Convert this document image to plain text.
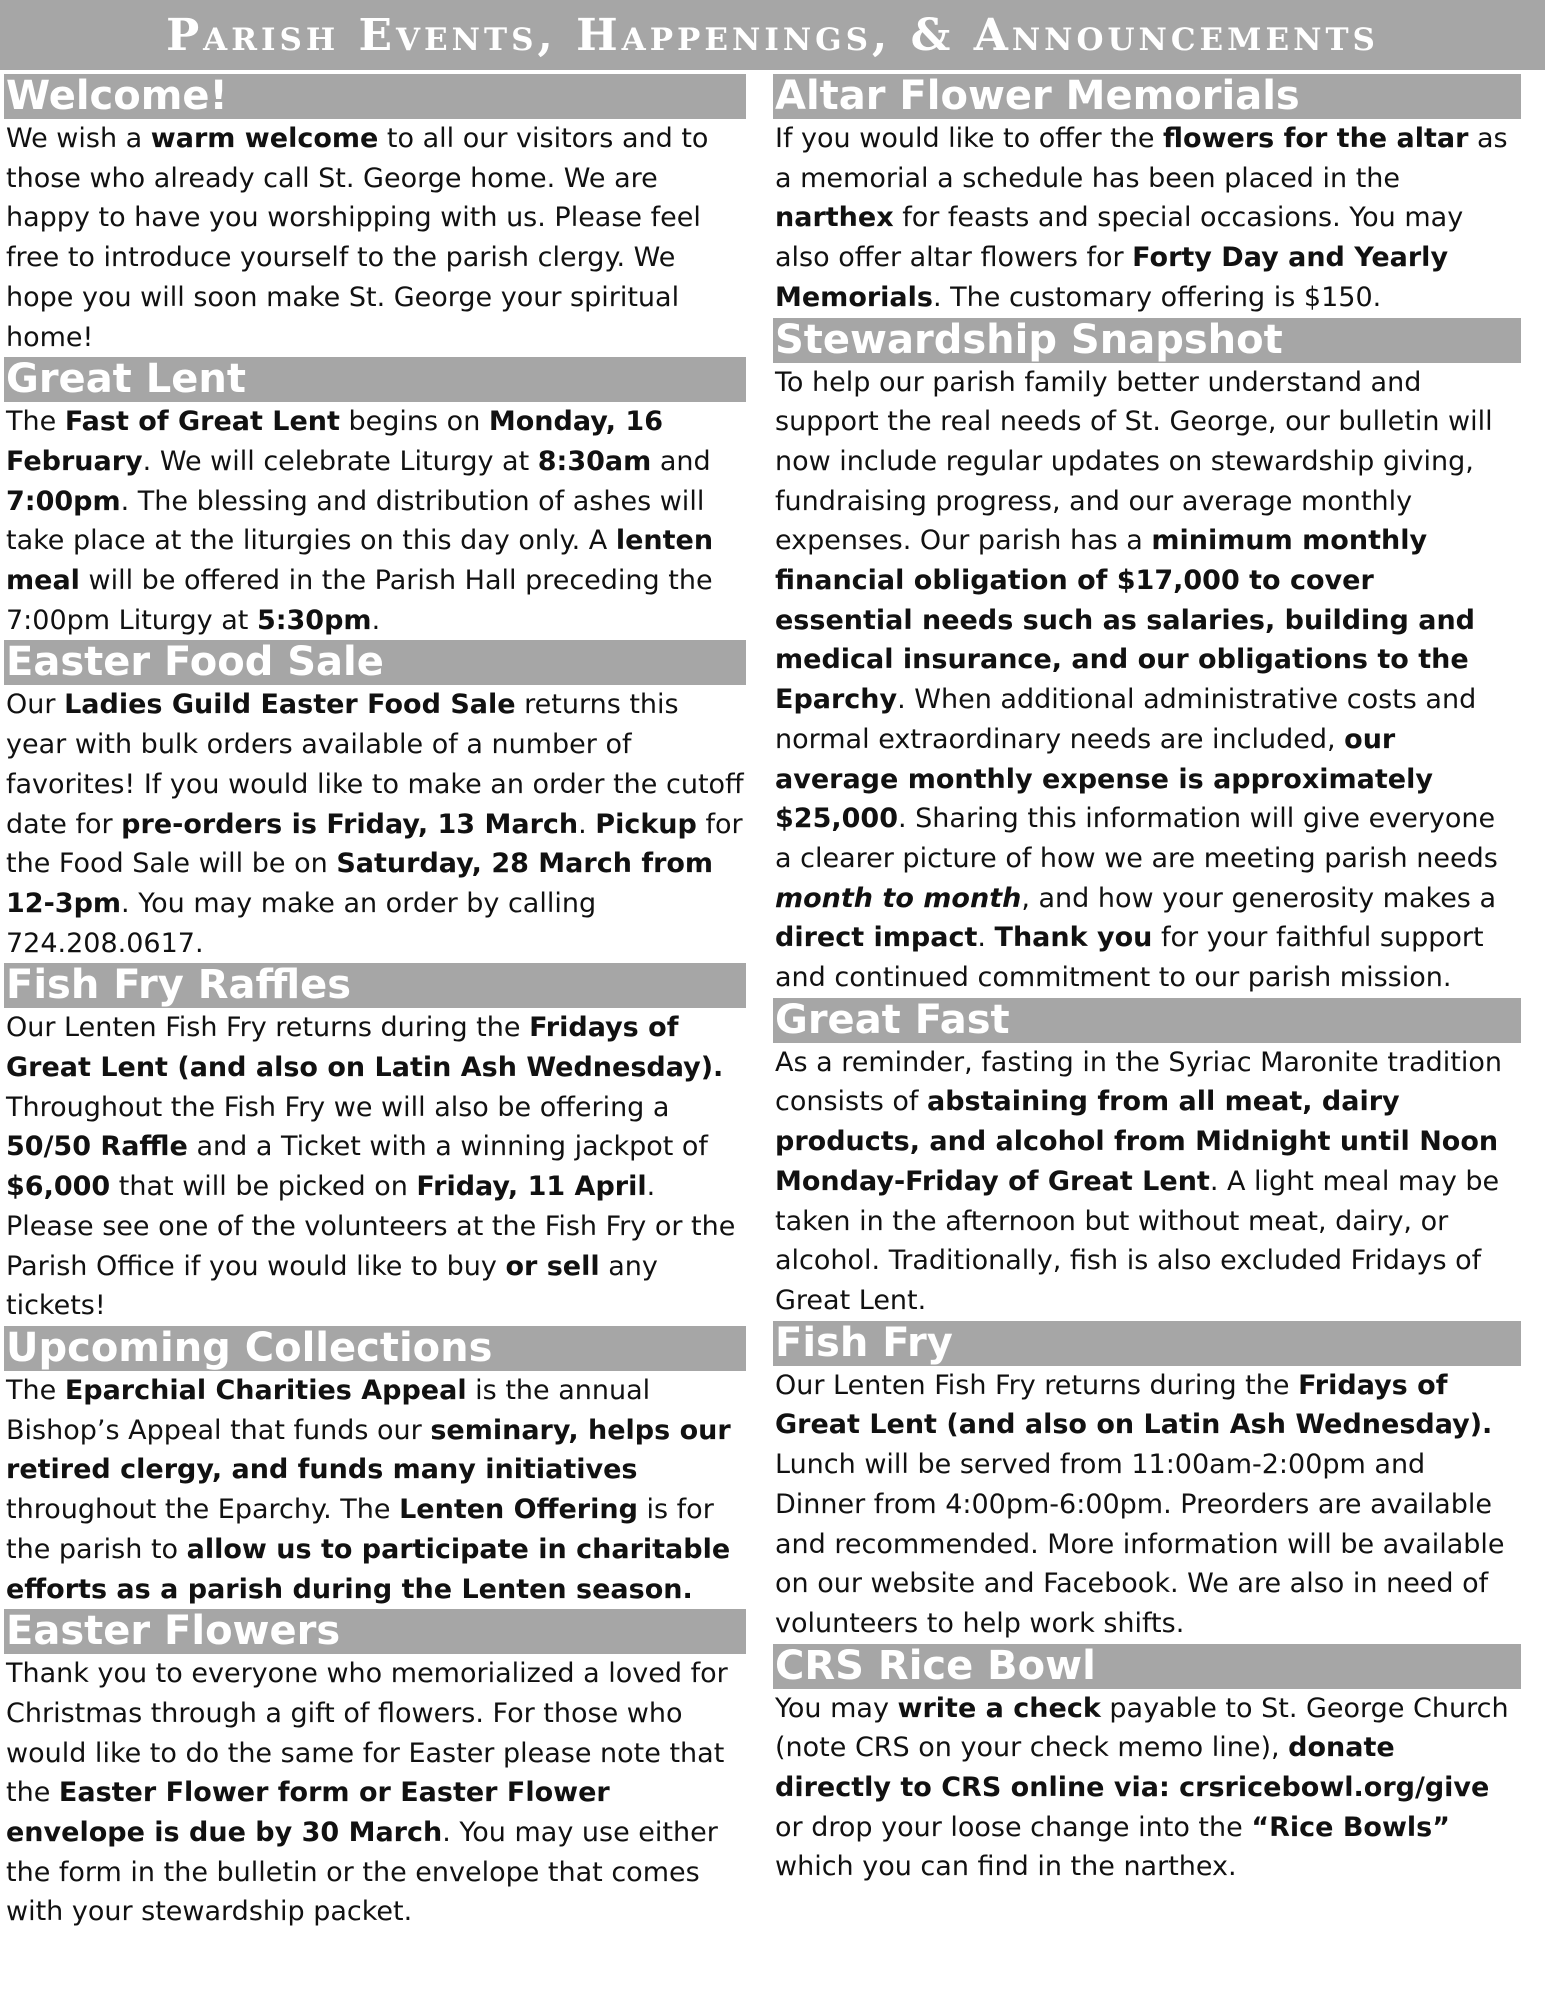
Parish Events, Happenings, & Announcements
Welcome!

We wish a warm welcome to all our visitors and to those who already call St. George home. We are happy to have you worshipping with us. Please feel free to introduce yourself to the parish clergy. We hope you will soon make St. George your spiritual home!

Great Lent

The Fast of Great Lent begins on Monday, 16 February. We will celebrate Liturgy at 8:30am and 7:00pm. The blessing and distribution of ashes will take place at the liturgies on this day only. A lenten meal will be offered in the Parish Hall preceding the 7:00pm Liturgy at 5:30pm.

Easter Food Sale

Our Ladies Guild Easter Food Sale returns this year with bulk orders available of a number of favorites! If you would like to make an order the cutoff date for pre-orders is Friday, 13 March. Pickup for the Food Sale will be on Saturday, 28 March from 12-3pm. You may make an order by calling 724.208.0617.

Fish Fry Raffles

Our Lenten Fish Fry returns during the Fridays of Great Lent (and also on Latin Ash Wednesday). Throughout the Fish Fry we will also be offering a 50/50 Raffle and a Ticket with a winning jackpot of $6,000 that will be picked on Friday, 11 April. Please see one of the volunteers at the Fish Fry or the Parish Office if you would like to buy or sell any tickets!

Upcoming Collections

The Eparchial Charities Appeal is the annual Bishop’s Appeal that funds our seminary, helps our retired clergy, and funds many initiatives throughout the Eparchy. The Lenten Offering is for the parish to allow us to participate in charitable efforts as a parish during the Lenten season.

Easter Flowers

Thank you to everyone who memorialized a loved for Christmas through a gift of flowers. For those who would like to do the same for Easter please note that the Easter Flower form or Easter Flower envelope is due by 30 March. You may use either the form in the bulletin or the envelope that comes with your stewardship packet.

Altar Flower Memorials

If you would like to offer the flowers for the altar as a memorial a schedule has been placed in the narthex for feasts and special occasions. You may also offer altar flowers for Forty Day and Yearly Memorials. The customary offering is $150.

Stewardship Snapshot

To help our parish family better understand and support the real needs of St. George, our bulletin will now include regular updates on stewardship giving, fundraising progress, and our average monthly expenses. Our parish has a minimum monthly financial obligation of $17,000 to cover essential needs such as salaries, building and medical insurance, and our obligations to the Eparchy. When additional administrative costs and normal extraordinary needs are included, our average monthly expense is approximately $25,000. Sharing this information will give everyone a clearer picture of how we are meeting parish needs month to month, and how your generosity makes a direct impact. Thank you for your faithful support and continued commitment to our parish mission.

Great Fast

As a reminder, fasting in the Syriac Maronite tradition consists of abstaining from all meat, dairy products, and alcohol from Midnight until Noon Monday-Friday of Great Lent. A light meal may be taken in the afternoon but without meat, dairy, or alcohol. Traditionally, fish is also excluded Fridays of Great Lent.

Fish Fry

Our Lenten Fish Fry returns during the Fridays of Great Lent (and also on Latin Ash Wednesday). Lunch will be served from 11:00am-2:00pm and Dinner from 4:00pm-6:00pm. Preorders are available and recommended. More information will be available on our website and Facebook. We are also in need of volunteers to help work shifts.

CRS Rice Bowl

You may write a check payable to St. George Church (note CRS on your check memo line), donate directly to CRS online via: crsricebowl.org/give or drop your loose change into the “Rice Bowls” which you can find in the narthex.
